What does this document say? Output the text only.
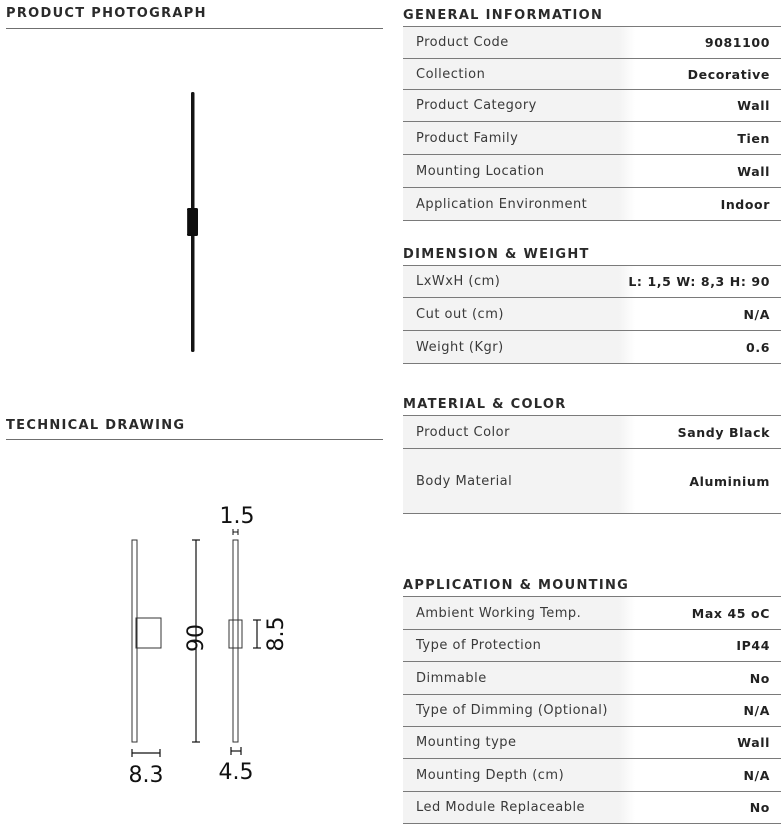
PRODUCT PHOTOGRAPH
TECHNICAL DRAWING
8.3
90
1.5
8.5
4.5
GENERAL INFORMATION
Product Code	9081100
Collection	Decorative
Product Category	Wall
Product Family	Tien
Mounting Location	Wall
Application Environment	Indoor
DIMENSION & WEIGHT
LxWxH (cm)	L: 1,5 W: 8,3 H: 90
Cut out (cm)	N/A
Weight (Kgr)	0.6
MATERIAL & COLOR
Product Color	Sandy Black
Body Material	Aluminium
APPLICATION & MOUNTING
Ambient Working Temp.	Max 45 oC
Type of Protection	IP44
Dimmable	No
Type of Dimming (Optional)	N/A
Mounting type	Wall
Mounting Depth (cm)	N/A
Led Module Replaceable	No
